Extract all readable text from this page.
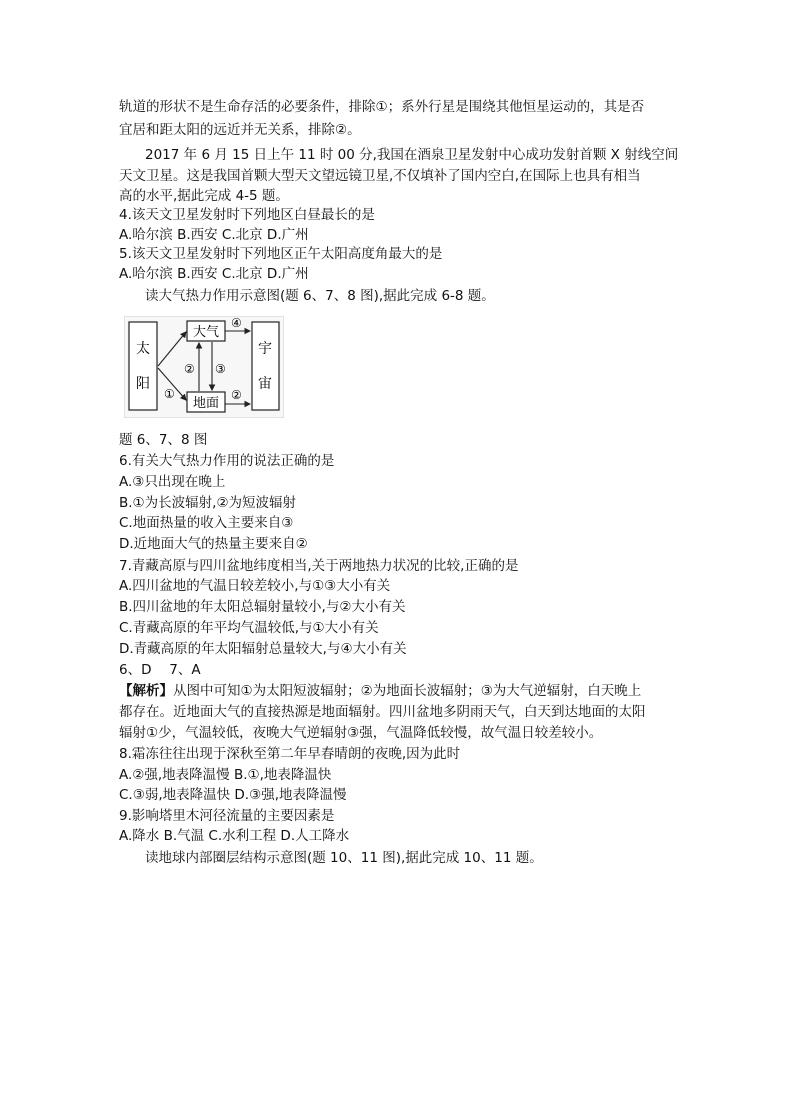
轨道的形状不是生命存活的必要条件，排除①；系外行星是围绕其他恒星运动的，其是否
宜居和距太阳的远近并无关系，排除②。
2017 年 6 月 15 日上午 11 时 00 分,我国在酒泉卫星发射中心成功发射首颗 X 射线空间
天文卫星。这是我国首颗大型天文望远镜卫星,不仅填补了国内空白,在国际上也具有相当
高的水平,据此完成 4-5 题。
4.该天文卫星发射时下列地区白昼最长的是
A.哈尔滨 B.西安 C.北京 D.广州
5.该天文卫星发射时下列地区正午太阳高度角最大的是
A.哈尔滨 B.西安 C.北京 D.广州
读大气热力作用示意图(题 6、7、8 图),据此完成 6-8 题。
太
阳
宇
宙
大气
地面
①
② ③
④
②
题 6、7、8 图
6.有关大气热力作用的说法正确的是
A.③只出现在晚上
B.①为长波辐射,②为短波辐射
C.地面热量的收入主要来自③
D.近地面大气的热量主要来自②
7.青藏高原与四川盆地纬度相当,关于两地热力状况的比较,正确的是
A.四川盆地的气温日较差较小,与①③大小有关
B.四川盆地的年太阳总辐射量较小,与②大小有关
C.青藏高原的年平均气温较低,与①大小有关
D.青藏高原的年太阳辐射总量较大,与④大小有关
6、D　 7、A
【解析】从图中可知①为太阳短波辐射；②为地面长波辐射；③为大气逆辐射，白天晚上
都存在。近地面大气的直接热源是地面辐射。四川盆地多阴雨天气，白天到达地面的太阳
辐射①少，气温较低，夜晚大气逆辐射③强，气温降低较慢，故气温日较差较小。
8.霜冻往往出现于深秋至第二年早春晴朗的夜晚,因为此时
A.②强,地表降温慢 B.①,地表降温快
C.③弱,地表降温快 D.③强,地表降温慢
9.影响塔里木河径流量的主要因素是
A.降水 B.气温 C.水利工程 D.人工降水
读地球内部圈层结构示意图(题 10、11 图),据此完成 10、11 题。
